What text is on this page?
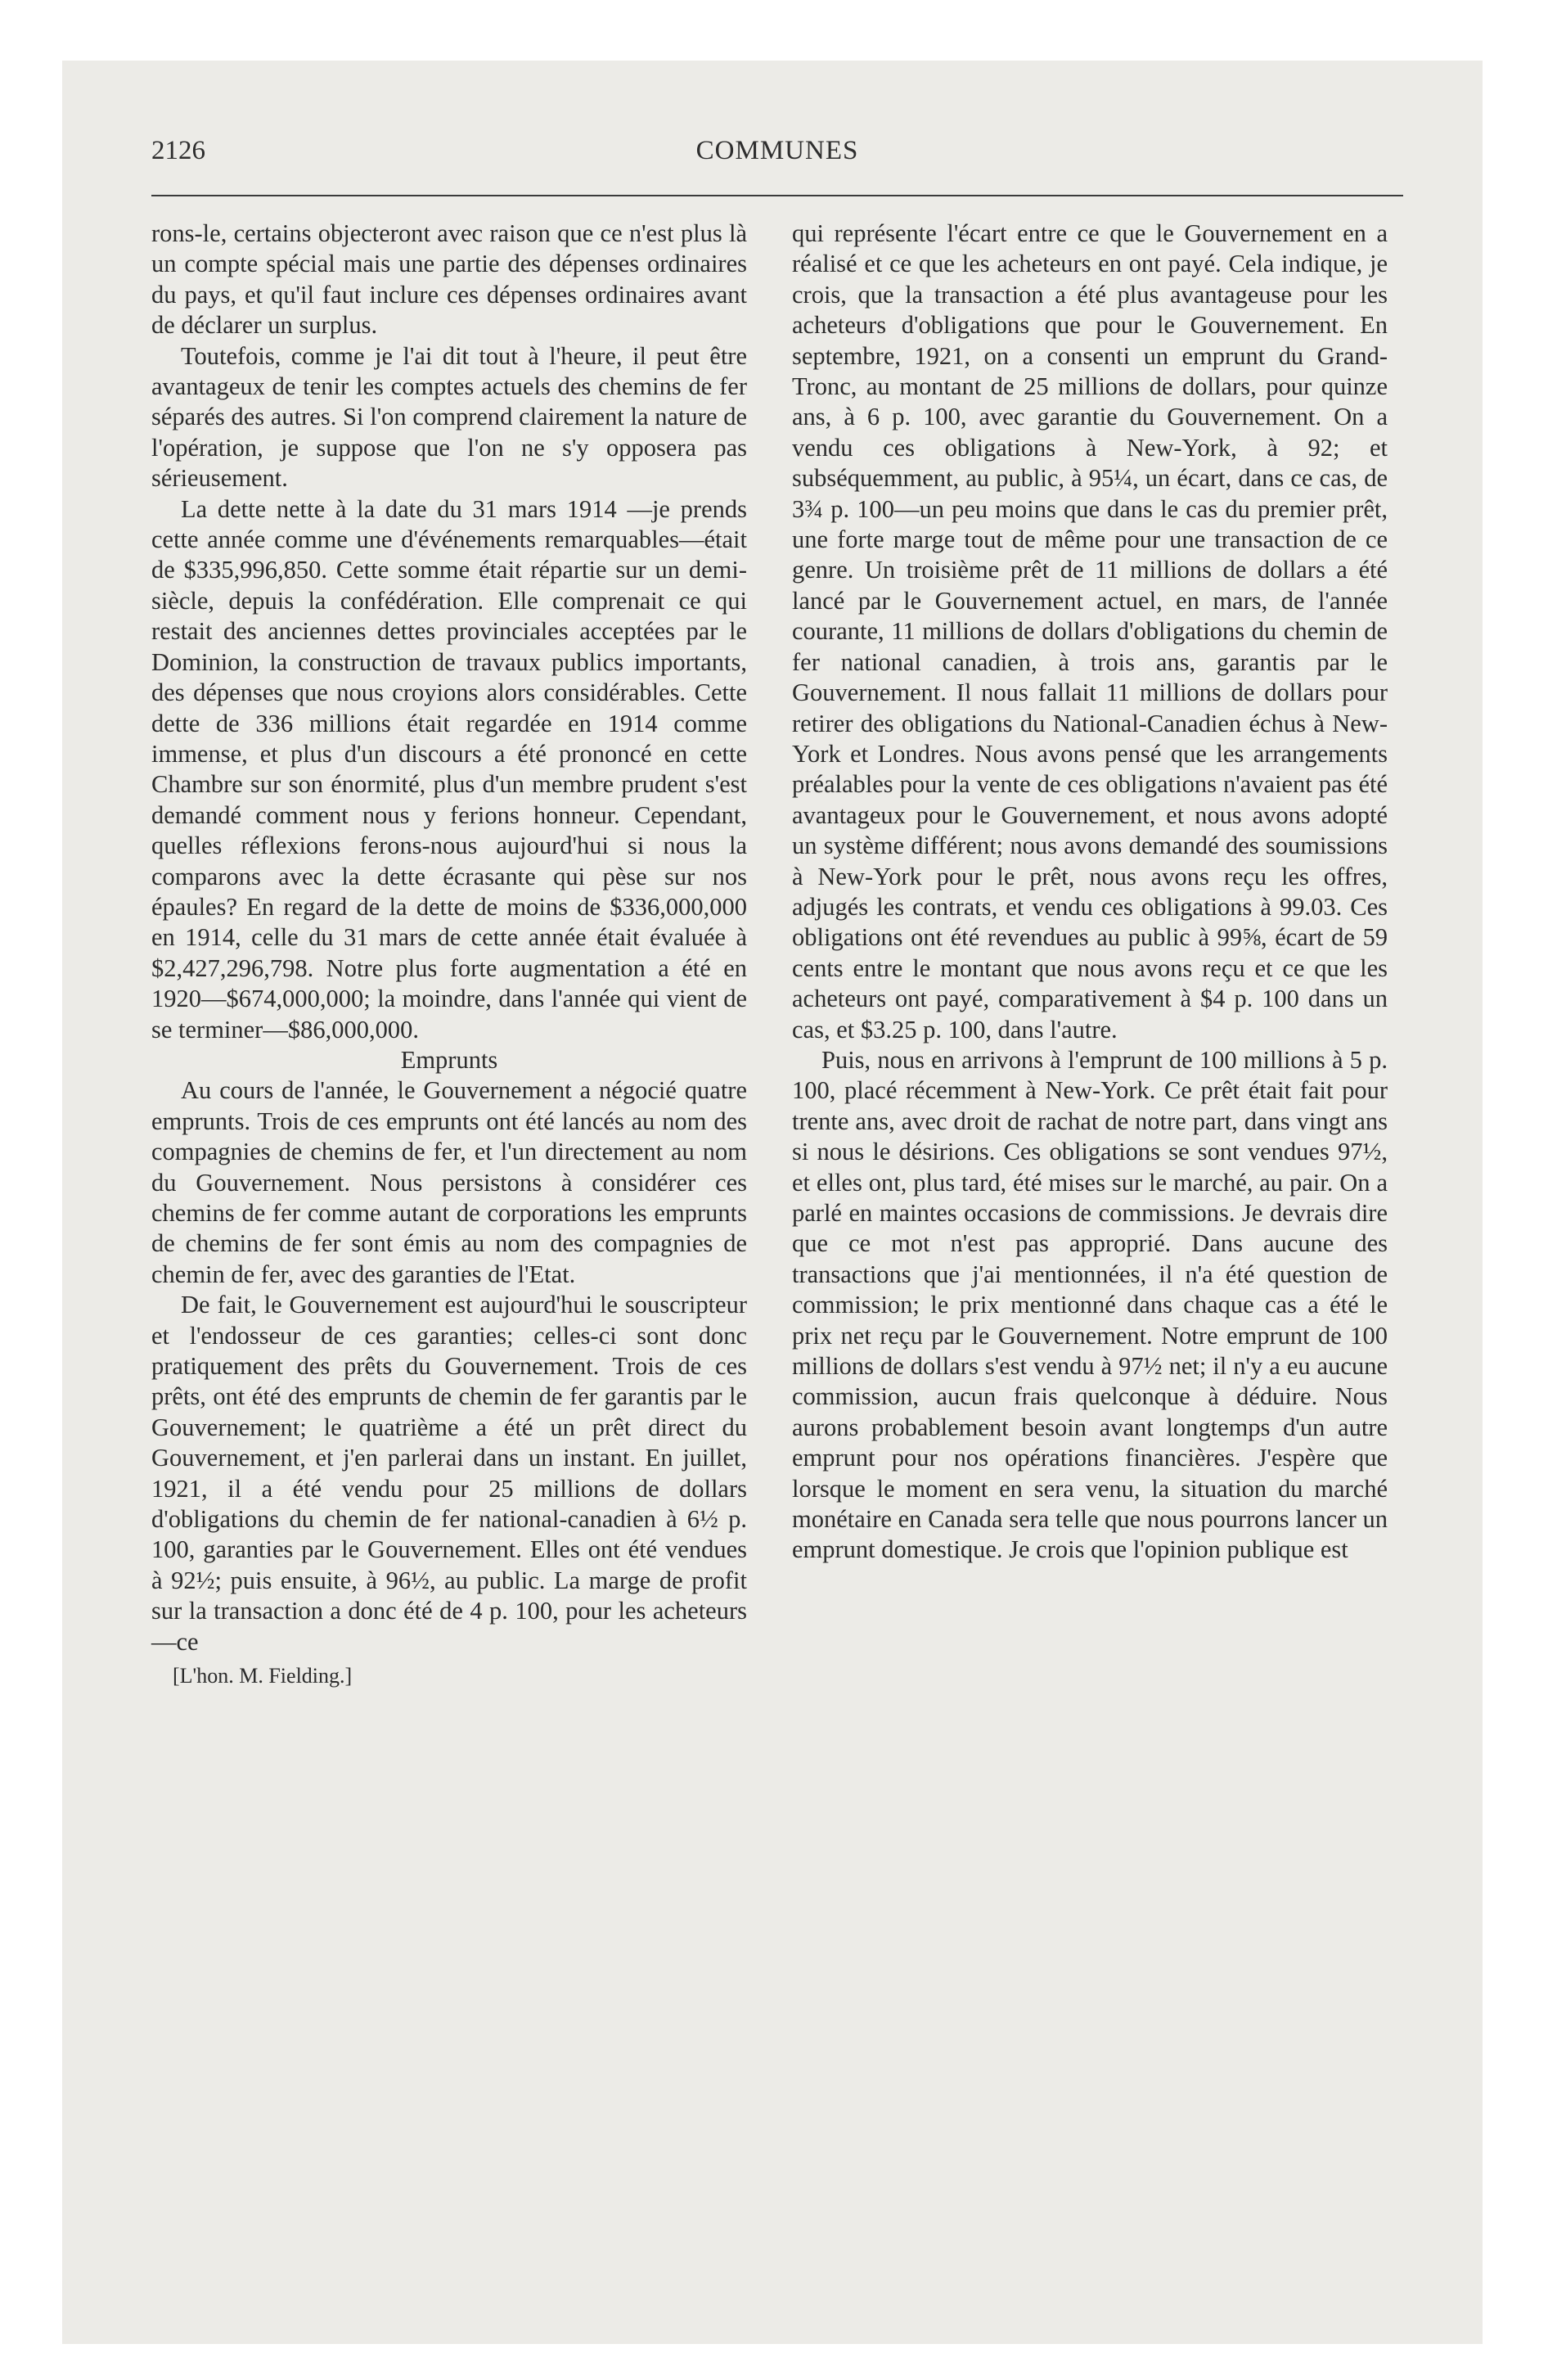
2126	COMMUNES

rons-le, certains objecteront avec raison que ce n'est plus là un compte spécial mais une partie des dépenses ordinaires du pays, et qu'il faut inclure ces dépenses ordinaires avant de déclarer un surplus.

Toutefois, comme je l'ai dit tout à l'heure, il peut être avantageux de tenir les comptes actuels des chemins de fer séparés des autres. Si l'on comprend clairement la nature de l'opération, je suppose que l'on ne s'y opposera pas sérieusement.

La dette nette à la date du 31 mars 1914 —je prends cette année comme une d'événements remarquables—était de $335,996,850. Cette somme était répartie sur un demi-siècle, depuis la confédération. Elle comprenait ce qui restait des anciennes dettes provinciales acceptées par le Dominion, la construction de travaux publics importants, des dépenses que nous croyions alors considérables. Cette dette de 336 millions était regardée en 1914 comme immense, et plus d'un discours a été prononcé en cette Chambre sur son énormité, plus d'un membre prudent s'est demandé comment nous y ferions honneur. Cependant, quelles réflexions ferons-nous aujourd'hui si nous la comparons avec la dette écrasante qui pèse sur nos épaules? En regard de la dette de moins de $336,000,000 en 1914, celle du 31 mars de cette année était évaluée à $2,427,296,798. Notre plus forte augmentation a été en 1920—$674,000,000; la moindre, dans l'année qui vient de se terminer—$86,000,000.

Emprunts

Au cours de l'année, le Gouvernement a négocié quatre emprunts. Trois de ces emprunts ont été lancés au nom des compagnies de chemins de fer, et l'un directement au nom du Gouvernement. Nous persistons à considérer ces chemins de fer comme autant de corporations les emprunts de chemins de fer sont émis au nom des compagnies de chemin de fer, avec des garanties de l'Etat.

De fait, le Gouvernement est aujourd'hui le souscripteur et l'endosseur de ces garanties; celles-ci sont donc pratiquement des prêts du Gouvernement. Trois de ces prêts, ont été des emprunts de chemin de fer garantis par le Gouvernement; le quatrième a été un prêt direct du Gouvernement, et j'en parlerai dans un instant. En juillet, 1921, il a été vendu pour 25 millions de dollars d'obligations du chemin de fer national-canadien à 6½ p. 100, garanties par le Gouvernement. Elles ont été vendues à 92½; puis ensuite, à 96½, au public. La marge de profit sur la transaction a donc été de 4 p. 100, pour les acheteurs—ce

[L'hon. M. Fielding.]

qui représente l'écart entre ce que le Gouvernement en a réalisé et ce que les acheteurs en ont payé. Cela indique, je crois, que la transaction a été plus avantageuse pour les acheteurs d'obligations que pour le Gouvernement. En septembre, 1921, on a consenti un emprunt du Grand-Tronc, au montant de 25 millions de dollars, pour quinze ans, à 6 p. 100, avec garantie du Gouvernement. On a vendu ces obligations à New-York, à 92; et subséquemment, au public, à 95¼, un écart, dans ce cas, de 3¾ p. 100—un peu moins que dans le cas du premier prêt, une forte marge tout de même pour une transaction de ce genre. Un troisième prêt de 11 millions de dollars a été lancé par le Gouvernement actuel, en mars, de l'année courante, 11 millions de dollars d'obligations du chemin de fer national canadien, à trois ans, garantis par le Gouvernement. Il nous fallait 11 millions de dollars pour retirer des obligations du National-Canadien échus à New-York et Londres. Nous avons pensé que les arrangements préalables pour la vente de ces obligations n'avaient pas été avantageux pour le Gouvernement, et nous avons adopté un système différent; nous avons demandé des soumissions à New-York pour le prêt, nous avons reçu les offres, adjugés les contrats, et vendu ces obligations à 99.03. Ces obligations ont été revendues au public à 99⅝, écart de 59 cents entre le montant que nous avons reçu et ce que les acheteurs ont payé, comparativement à $4 p. 100 dans un cas, et $3.25 p. 100, dans l'autre.

Puis, nous en arrivons à l'emprunt de 100 millions à 5 p. 100, placé récemment à New-York. Ce prêt était fait pour trente ans, avec droit de rachat de notre part, dans vingt ans si nous le désirions. Ces obligations se sont vendues 97½, et elles ont, plus tard, été mises sur le marché, au pair. On a parlé en maintes occasions de commissions. Je devrais dire que ce mot n'est pas approprié. Dans aucune des transactions que j'ai mentionnées, il n'a été question de commission; le prix mentionné dans chaque cas a été le prix net reçu par le Gouvernement. Notre emprunt de 100 millions de dollars s'est vendu à 97½ net; il n'y a eu aucune commission, aucun frais quelconque à déduire. Nous aurons probablement besoin avant longtemps d'un autre emprunt pour nos opérations financières. J'espère que lorsque le moment en sera venu, la situation du marché monétaire en Canada sera telle que nous pourrons lancer un emprunt domestique. Je crois que l'opinion publique est
